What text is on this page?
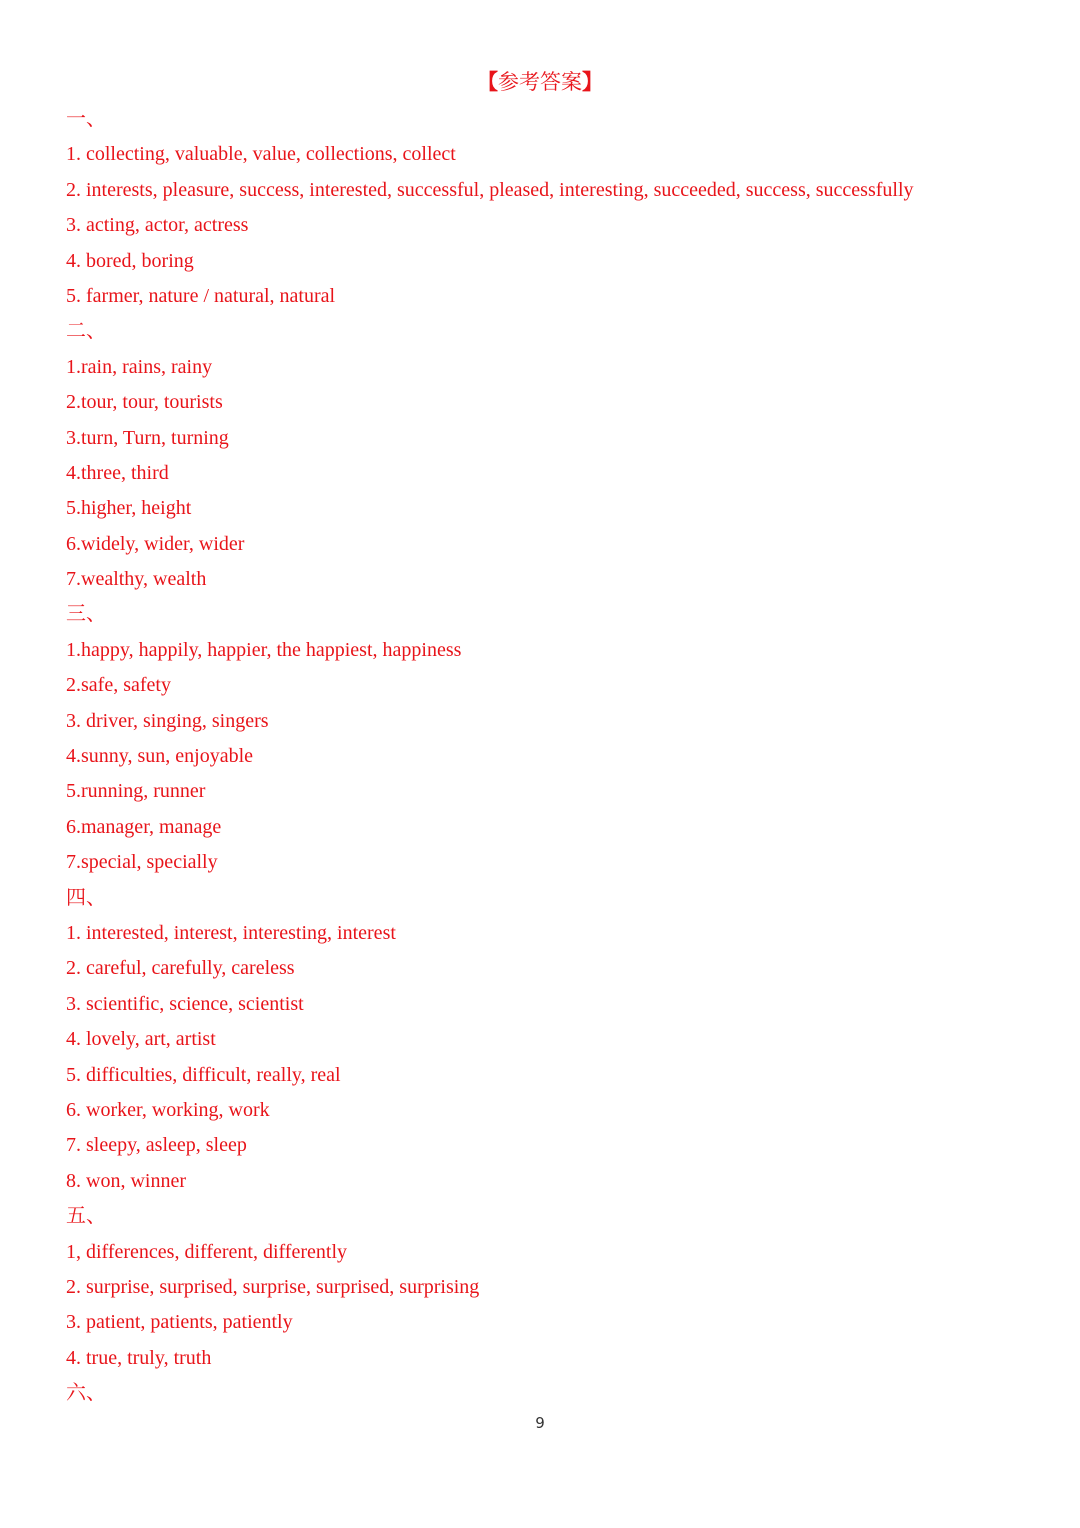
【参考答案】
一、
1. collecting, valuable, value, collections, collect
2. interests, pleasure, success, interested, successful, pleased, interesting, succeeded, success, successfully
3. acting, actor, actress
4. bored, boring
5. farmer, nature / natural, natural
二、
1.rain, rains, rainy
2.tour, tour, tourists
3.turn, Turn, turning
4.three, third
5.higher, height
6.widely, wider, wider
7.wealthy, wealth
三、
1.happy, happily, happier, the happiest, happiness
2.safe, safety
3. driver, singing, singers
4.sunny, sun, enjoyable
5.running, runner
6.manager, manage
7.special, specially
四、
1. interested, interest, interesting, interest
2. careful, carefully, careless
3. scientific, science, scientist
4. lovely, art, artist
5. difficulties, difficult, really, real
6. worker, working, work
7. sleepy, asleep, sleep
8. won, winner
五、
1, differences, different, differently
2. surprise, surprised, surprise, surprised, surprising
3. patient, patients, patiently
4. true, truly, truth
六、
9
